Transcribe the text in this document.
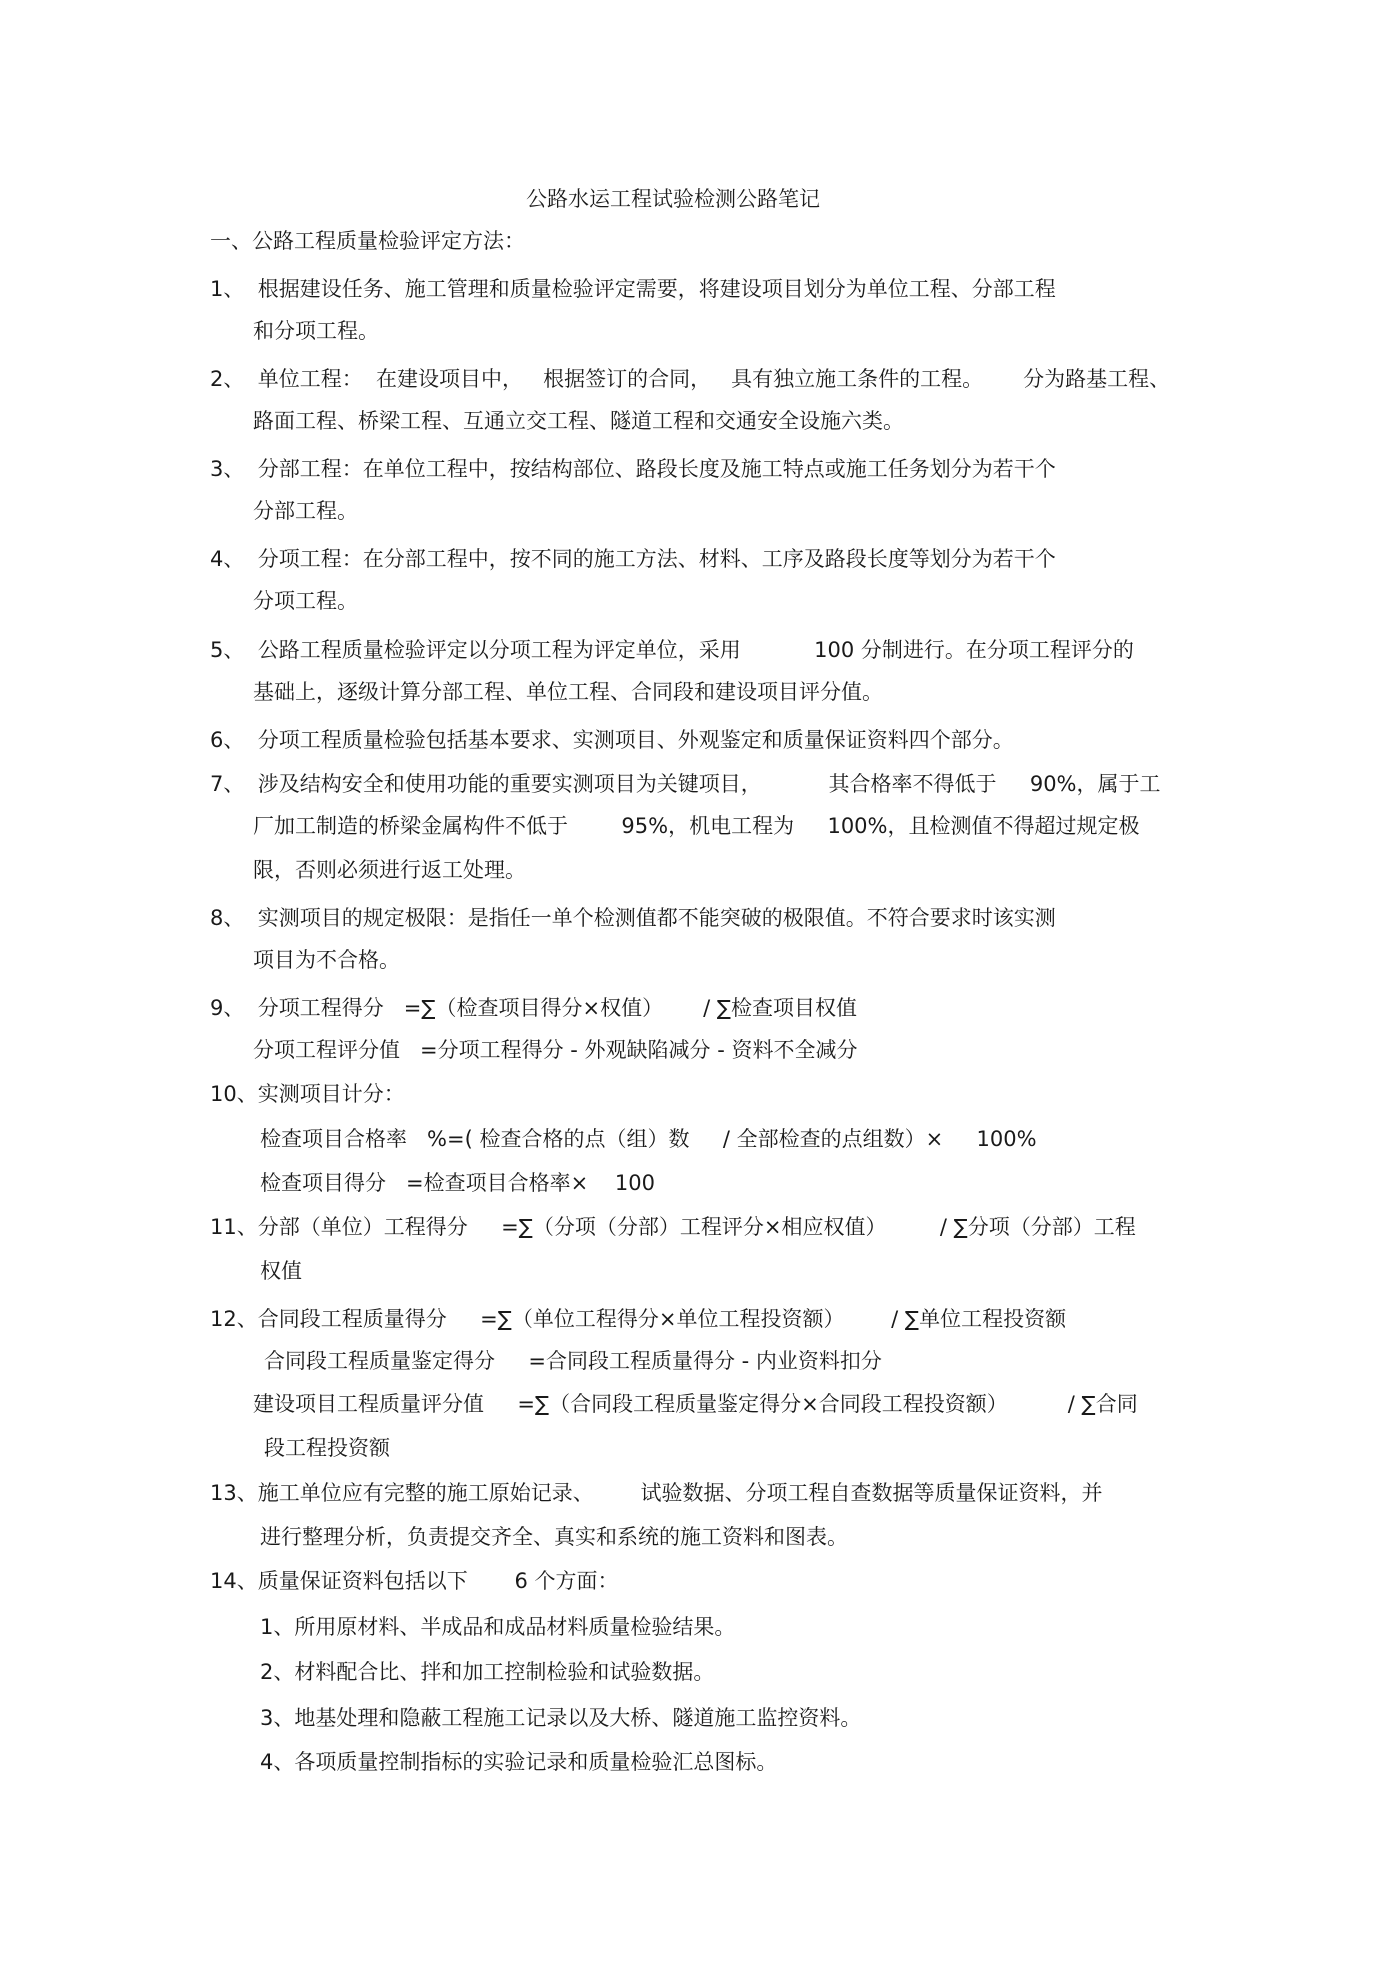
公路水运工程试验检测公路笔记
一、公路工程质量检验评定方法：
1、  根据建设任务、施工管理和质量检验评定需要，将建设项目划分为单位工程、分部工程
和分项工程。
2、  单位工程：  在建设项目中，   根据签订的合同，   具有独立施工条件的工程。      分为路基工程、
路面工程、桥梁工程、互通立交工程、隧道工程和交通安全设施六类。
3、  分部工程：在单位工程中，按结构部位、路段长度及施工特点或施工任务划分为若干个
分部工程。
4、  分项工程：在分部工程中，按不同的施工方法、材料、工序及路段长度等划分为若干个
分项工程。
5、  公路工程质量检验评定以分项工程为评定单位，采用           100 分制进行。在分项工程评分的
基础上，逐级计算分部工程、单位工程、合同段和建设项目评分值。
6、  分项工程质量检验包括基本要求、实测项目、外观鉴定和质量保证资料四个部分。
7、  涉及结构安全和使用功能的重要实测项目为关键项目，          其合格率不得低于     90%，属于工
厂加工制造的桥梁金属构件不低于        95%，机电工程为     100%，且检测值不得超过规定极
限，否则必须进行返工处理。
8、  实测项目的规定极限：是指任一单个检测值都不能突破的极限值。不符合要求时该实测
项目为不合格。
9、  分项工程得分   =∑（检查项目得分×权值）      / ∑检查项目权值
分项工程评分值   =分项工程得分 - 外观缺陷减分 - 资料不全减分
10、实测项目计分：
检查项目合格率   %=( 检查合格的点（组）数     / 全部检查的点组数）×     100%
检查项目得分   =检查项目合格率×    100
11、分部（单位）工程得分     =∑（分项（分部）工程评分×相应权值）        / ∑分项（分部）工程
权值
12、合同段工程质量得分     =∑（单位工程得分×单位工程投资额）       / ∑单位工程投资额
合同段工程质量鉴定得分     =合同段工程质量得分 - 内业资料扣分
建设项目工程质量评分值     =∑（合同段工程质量鉴定得分×合同段工程投资额）         / ∑合同
段工程投资额
13、施工单位应有完整的施工原始记录、       试验数据、分项工程自查数据等质量保证资料，并
进行整理分析，负责提交齐全、真实和系统的施工资料和图表。
14、质量保证资料包括以下       6 个方面：
1、所用原材料、半成品和成品材料质量检验结果。
2、材料配合比、拌和加工控制检验和试验数据。
3、地基处理和隐蔽工程施工记录以及大桥、隧道施工监控资料。
4、各项质量控制指标的实验记录和质量检验汇总图标。
